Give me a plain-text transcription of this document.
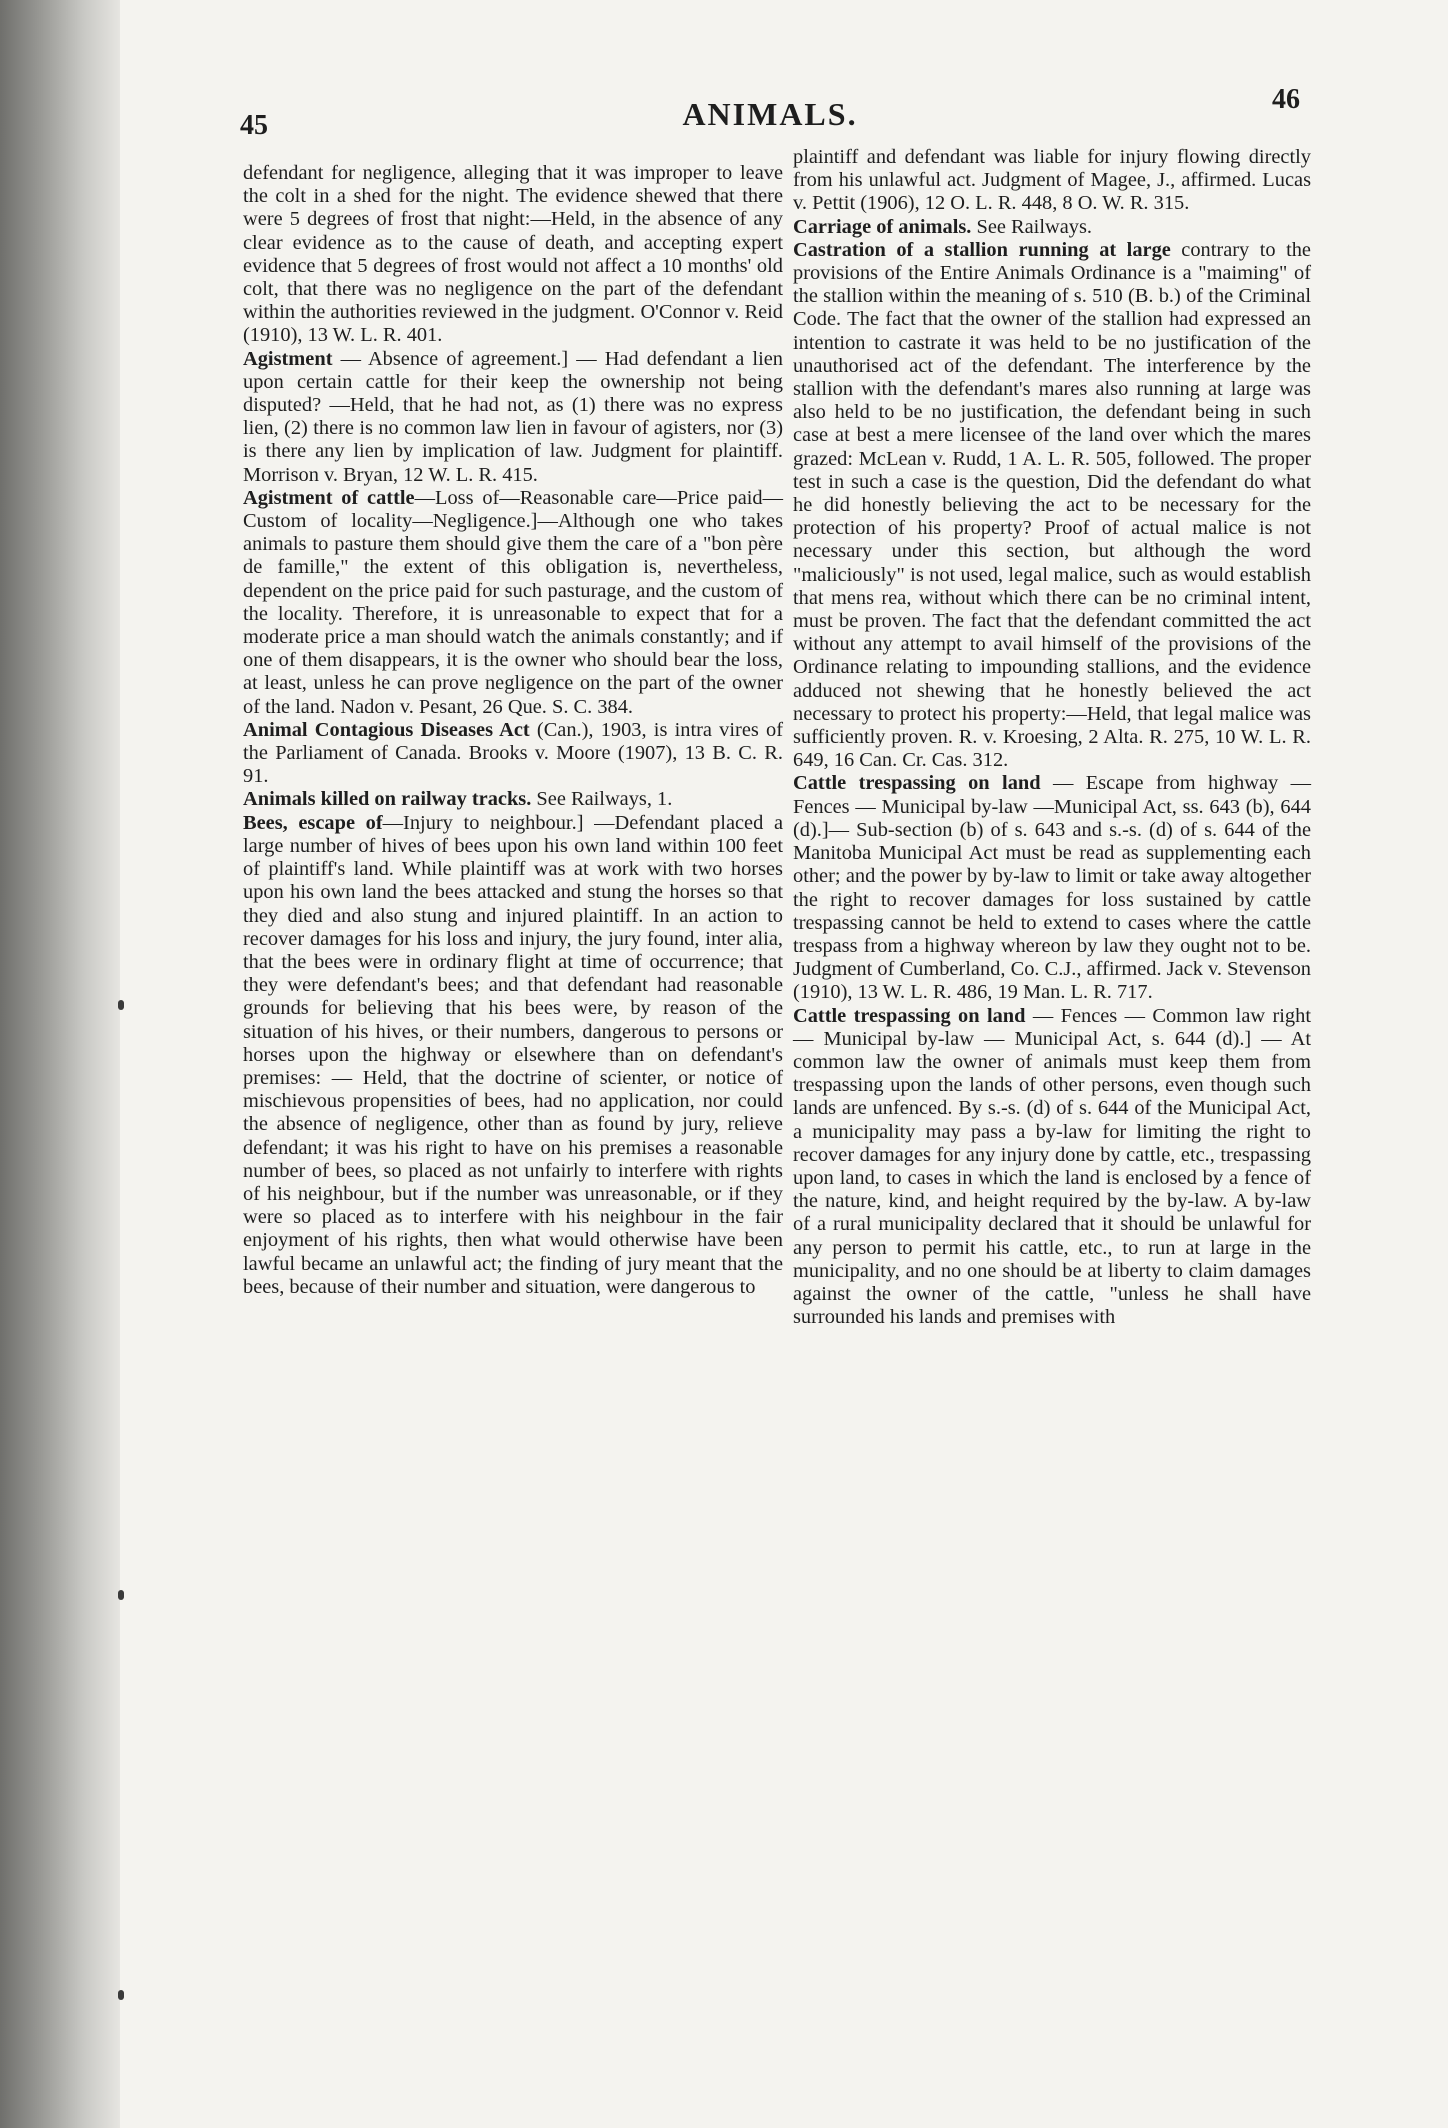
45	ANIMALS.	46

defendant for negligence, alleging that it was improper to leave the colt in a shed for the night. The evidence shewed that there were 5 degrees of frost that night:—Held, in the absence of any clear evidence as to the cause of death, and accepting expert evidence that 5 degrees of frost would not affect a 10 months' old colt, that there was no negligence on the part of the defendant within the authorities reviewed in the judgment. O'Connor v. Reid (1910), 13 W. L. R. 401.

Agistment — Absence of agreement.] — Had defendant a lien upon certain cattle for their keep the ownership not being disputed? —Held, that he had not, as (1) there was no express lien, (2) there is no common law lien in favour of agisters, nor (3) is there any lien by implication of law. Judgment for plaintiff. Morrison v. Bryan, 12 W. L. R. 415.

Agistment of cattle—Loss of—Reasonable care—Price paid—Custom of locality—Negligence.]—Although one who takes animals to pasture them should give them the care of a "bon père de famille," the extent of this obligation is, nevertheless, dependent on the price paid for such pasturage, and the custom of the locality. Therefore, it is unreasonable to expect that for a moderate price a man should watch the animals constantly; and if one of them disappears, it is the owner who should bear the loss, at least, unless he can prove negligence on the part of the owner of the land. Nadon v. Pesant, 26 Que. S. C. 384.

Animal Contagious Diseases Act (Can.), 1903, is intra vires of the Parliament of Canada. Brooks v. Moore (1907), 13 B. C. R. 91.

Animals killed on railway tracks. See Railways, 1.

Bees, escape of—Injury to neighbour.] —Defendant placed a large number of hives of bees upon his own land within 100 feet of plaintiff's land. While plaintiff was at work with two horses upon his own land the bees attacked and stung the horses so that they died and also stung and injured plaintiff. In an action to recover damages for his loss and injury, the jury found, inter alia, that the bees were in ordinary flight at time of occurrence; that they were defendant's bees; and that defendant had reasonable grounds for believing that his bees were, by reason of the situation of his hives, or their numbers, dangerous to persons or horses upon the highway or elsewhere than on defendant's premises: — Held, that the doctrine of scienter, or notice of mischievous propensities of bees, had no application, nor could the absence of negligence, other than as found by jury, relieve defendant; it was his right to have on his premises a reasonable number of bees, so placed as not unfairly to interfere with rights of his neighbour, but if the number was unreasonable, or if they were so placed as to interfere with his neighbour in the fair enjoyment of his rights, then what would otherwise have been lawful became an unlawful act; the finding of jury meant that the bees, because of their number and situation, were dangerous to

plaintiff and defendant was liable for injury flowing directly from his unlawful act. Judgment of Magee, J., affirmed. Lucas v. Pettit (1906), 12 O. L. R. 448, 8 O. W. R. 315.

Carriage of animals. See Railways.

Castration of a stallion running at large contrary to the provisions of the Entire Animals Ordinance is a "maiming" of the stallion within the meaning of s. 510 (B. b.) of the Criminal Code. The fact that the owner of the stallion had expressed an intention to castrate it was held to be no justification of the unauthorised act of the defendant. The interference by the stallion with the defendant's mares also running at large was also held to be no justification, the defendant being in such case at best a mere licensee of the land over which the mares grazed: McLean v. Rudd, 1 A. L. R. 505, followed. The proper test in such a case is the question, Did the defendant do what he did honestly believing the act to be necessary for the protection of his property? Proof of actual malice is not necessary under this section, but although the word "maliciously" is not used, legal malice, such as would establish that mens rea, without which there can be no criminal intent, must be proven. The fact that the defendant committed the act without any attempt to avail himself of the provisions of the Ordinance relating to impounding stallions, and the evidence adduced not shewing that he honestly believed the act necessary to protect his property:—Held, that legal malice was sufficiently proven. R. v. Kroesing, 2 Alta. R. 275, 10 W. L. R. 649, 16 Can. Cr. Cas. 312.

Cattle trespassing on land — Escape from highway — Fences — Municipal by-law —Municipal Act, ss. 643 (b), 644 (d).]— Sub-section (b) of s. 643 and s.-s. (d) of s. 644 of the Manitoba Municipal Act must be read as supplementing each other; and the power by by-law to limit or take away altogether the right to recover damages for loss sustained by cattle trespassing cannot be held to extend to cases where the cattle trespass from a highway whereon by law they ought not to be. Judgment of Cumberland, Co. C.J., affirmed. Jack v. Stevenson (1910), 13 W. L. R. 486, 19 Man. L. R. 717.

Cattle trespassing on land — Fences — Common law right — Municipal by-law — Municipal Act, s. 644 (d).] — At common law the owner of animals must keep them from trespassing upon the lands of other persons, even though such lands are unfenced. By s.-s. (d) of s. 644 of the Municipal Act, a municipality may pass a by-law for limiting the right to recover damages for any injury done by cattle, etc., trespassing upon land, to cases in which the land is enclosed by a fence of the nature, kind, and height required by the by-law. A by-law of a rural municipality declared that it should be unlawful for any person to permit his cattle, etc., to run at large in the municipality, and no one should be at liberty to claim damages against the owner of the cattle, "unless he shall have surrounded his lands and premises with
